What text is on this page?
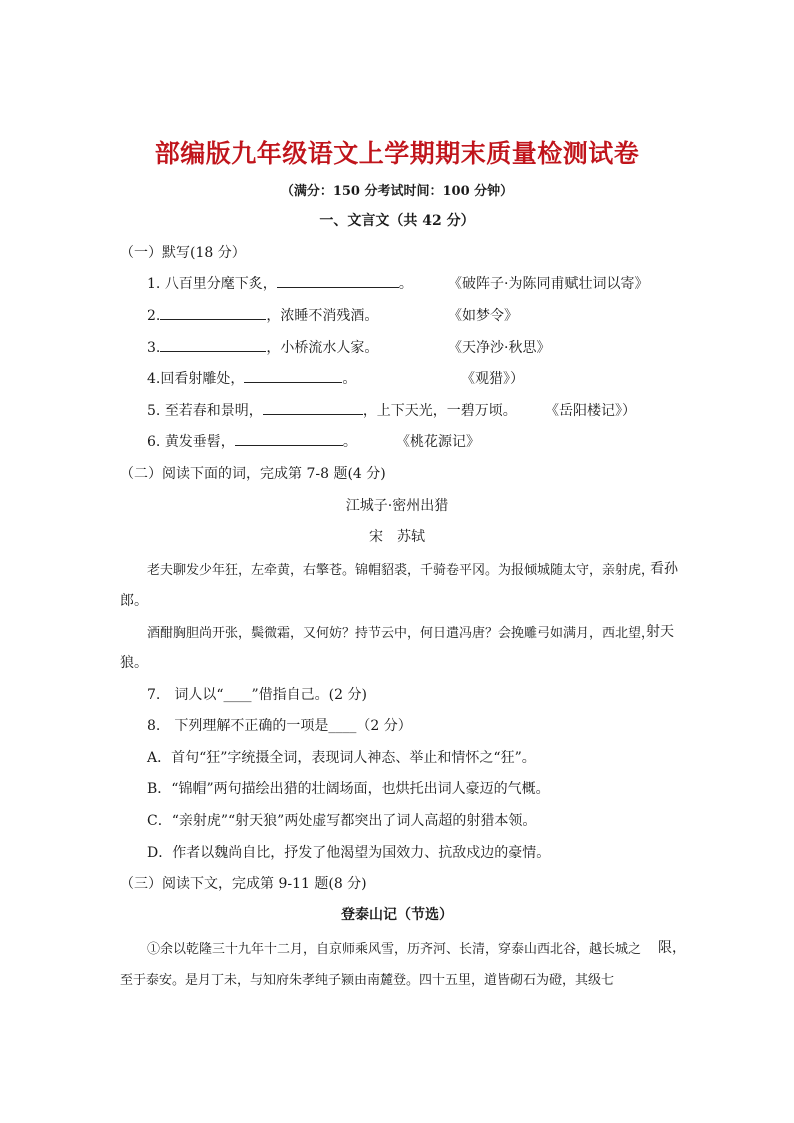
部编版九年级语文上学期期末质量检测试卷
（满分：150 分考试时间：100 分钟）
一、文言文（共 42 分）
（一）默写(18 分）
1. 八百里分麾下炙，	。	《破阵子·为陈同甫赋壮词以寄》
2.	，浓睡不消残酒。	《如梦令》
3.	，小桥流水人家。	《天净沙·秋思》
4.回看射雕处，	。	《观猎》）
5. 至若春和景明，	，上下天光，一碧万顷。 《岳阳楼记》）
6. 黄发垂髫，	。	《桃花源记》
（二）阅读下面的词，完成第 7-8 题(4 分)
江城子·密州出猎
宋　苏轼
老夫聊发少年狂，左牵黄，右擎苍。锦帽貂裘，千骑卷平冈。为报倾城随太守，亲射虎，
看孙
郎。
酒酣胸胆尚开张，鬓微霜，又何妨？持节云中，何日遣冯唐？会挽雕弓如满月，西北望，
射天
狼。
7.　词人以“____”借指自己。(2 分)
8.　下列理解不正确的一项是____（2 分）
A．首句“狂”字统摄全词，表现词人神态、举止和情怀之“狂”。
B．“锦帽”两句描绘出猎的壮阔场面，也烘托出词人豪迈的气概。
C．“亲射虎”“射天狼”两处虚写都突出了词人高超的射猎本领。
D．作者以魏尚自比，抒发了他渴望为国效力、抗敌戍边的豪情。
（三）阅读下文，完成第 9-11 题(8 分)
登泰山记（节选）
①余以乾隆三十九年十二月，自京师乘风雪，历齐河、长清，穿泰山西北谷，越长城之 限，
至于泰安。是月丁未，与知府朱孝纯子颍由南麓登。四十五里，道皆砌石为磴，其级七
